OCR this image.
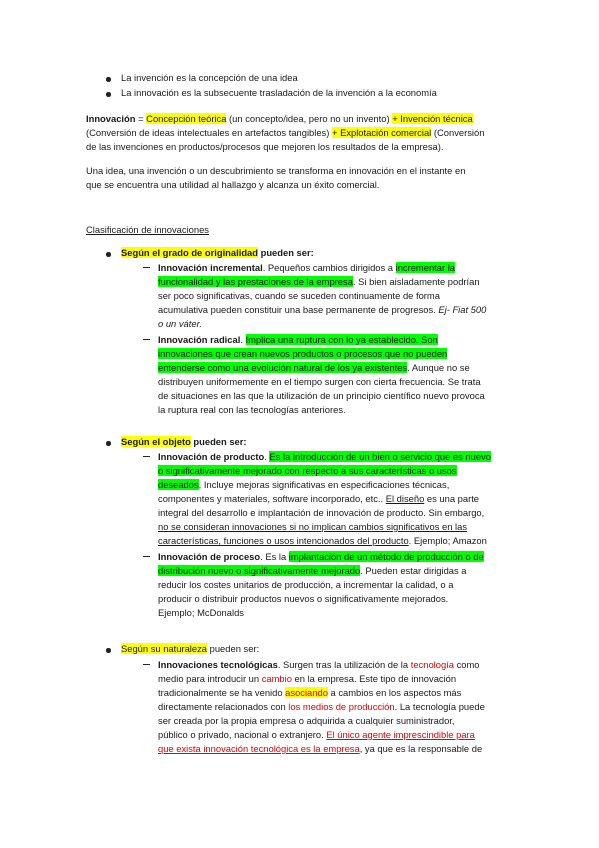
La invención es la concepción de una idea

La innovación es la subsecuente trasladación de la invención a la economía

Innovación = Concepción teórica (un concepto/idea, pero no un invento) + Invención técnica

(Conversión de ideas intelectuales en artefactos tangibles) + Explotación comercial (Conversión

de las invenciones en productos/procesos que mejoren los resultados de la empresa).

Una idea, una invención o un descubrimiento se transforma en innovación en el instante en

que se encuentra una utilidad al hallazgo y alcanza un éxito comercial.

Clasificación de innovaciones

Según el grado de originalidad pueden ser:

Innovación incremental. Pequeños cambios dirigidos a incrementar la

funcionalidad y las prestaciones de la empresa. Si bien aisladamente podrían

ser poco significativas, cuando se suceden continuamente de forma

acumulativa pueden constituir una base permanente de progresos. Ej- Fiat 500

o un váter.

Innovación radical. Implica una ruptura con lo ya establecido. Son

innovaciones que crean nuevos productos o procesos que no pueden

entenderse como una evolución natural de los ya existentes. Aunque no se

distribuyen uniformemente en el tiempo surgen con cierta frecuencia. Se trata

de situaciones en las que la utilización de un principio científico nuevo provoca

la ruptura real con las tecnologías anteriores.

Según el objeto pueden ser:

Innovación de producto. Es la introducción de un bien o servicio que es nuevo

o significativamente mejorado con respecto a sus características o usos

deseados. Incluye mejoras significativas en especificaciones técnicas,

componentes y materiales, software incorporado, etc.. El diseño es una parte

integral del desarrollo e implantación de innovación de producto. Sin embargo,

no se consideran innovaciones si no implican cambios significativos en las

características, funciones o usos intencionados del producto. Ejemplo; Amazon

Innovación de proceso. Es la implantación de un método de producción o de

distribución nuevo o significativamente mejorado. Pueden estar dirigidas a

reducir los costes unitarios de producción, a incrementar la calidad, o a

producir o distribuir productos nuevos o significativamente mejorados.

Ejemplo; McDonalds

Según su naturaleza pueden ser:

Innovaciones tecnológicas. Surgen tras la utilización de la tecnología como

medio para introducir un cambio en la empresa. Este tipo de innovación

tradicionalmente se ha venido asociando a cambios en los aspectos más

directamente relacionados con los medios de producción. La tecnología puede

ser creada por la propia empresa o adquirida a cualquier suministrador,

público o privado, nacional o extranjero. El único agente imprescindible para

que exista innovación tecnológica es la empresa, ya que es la responsable de
